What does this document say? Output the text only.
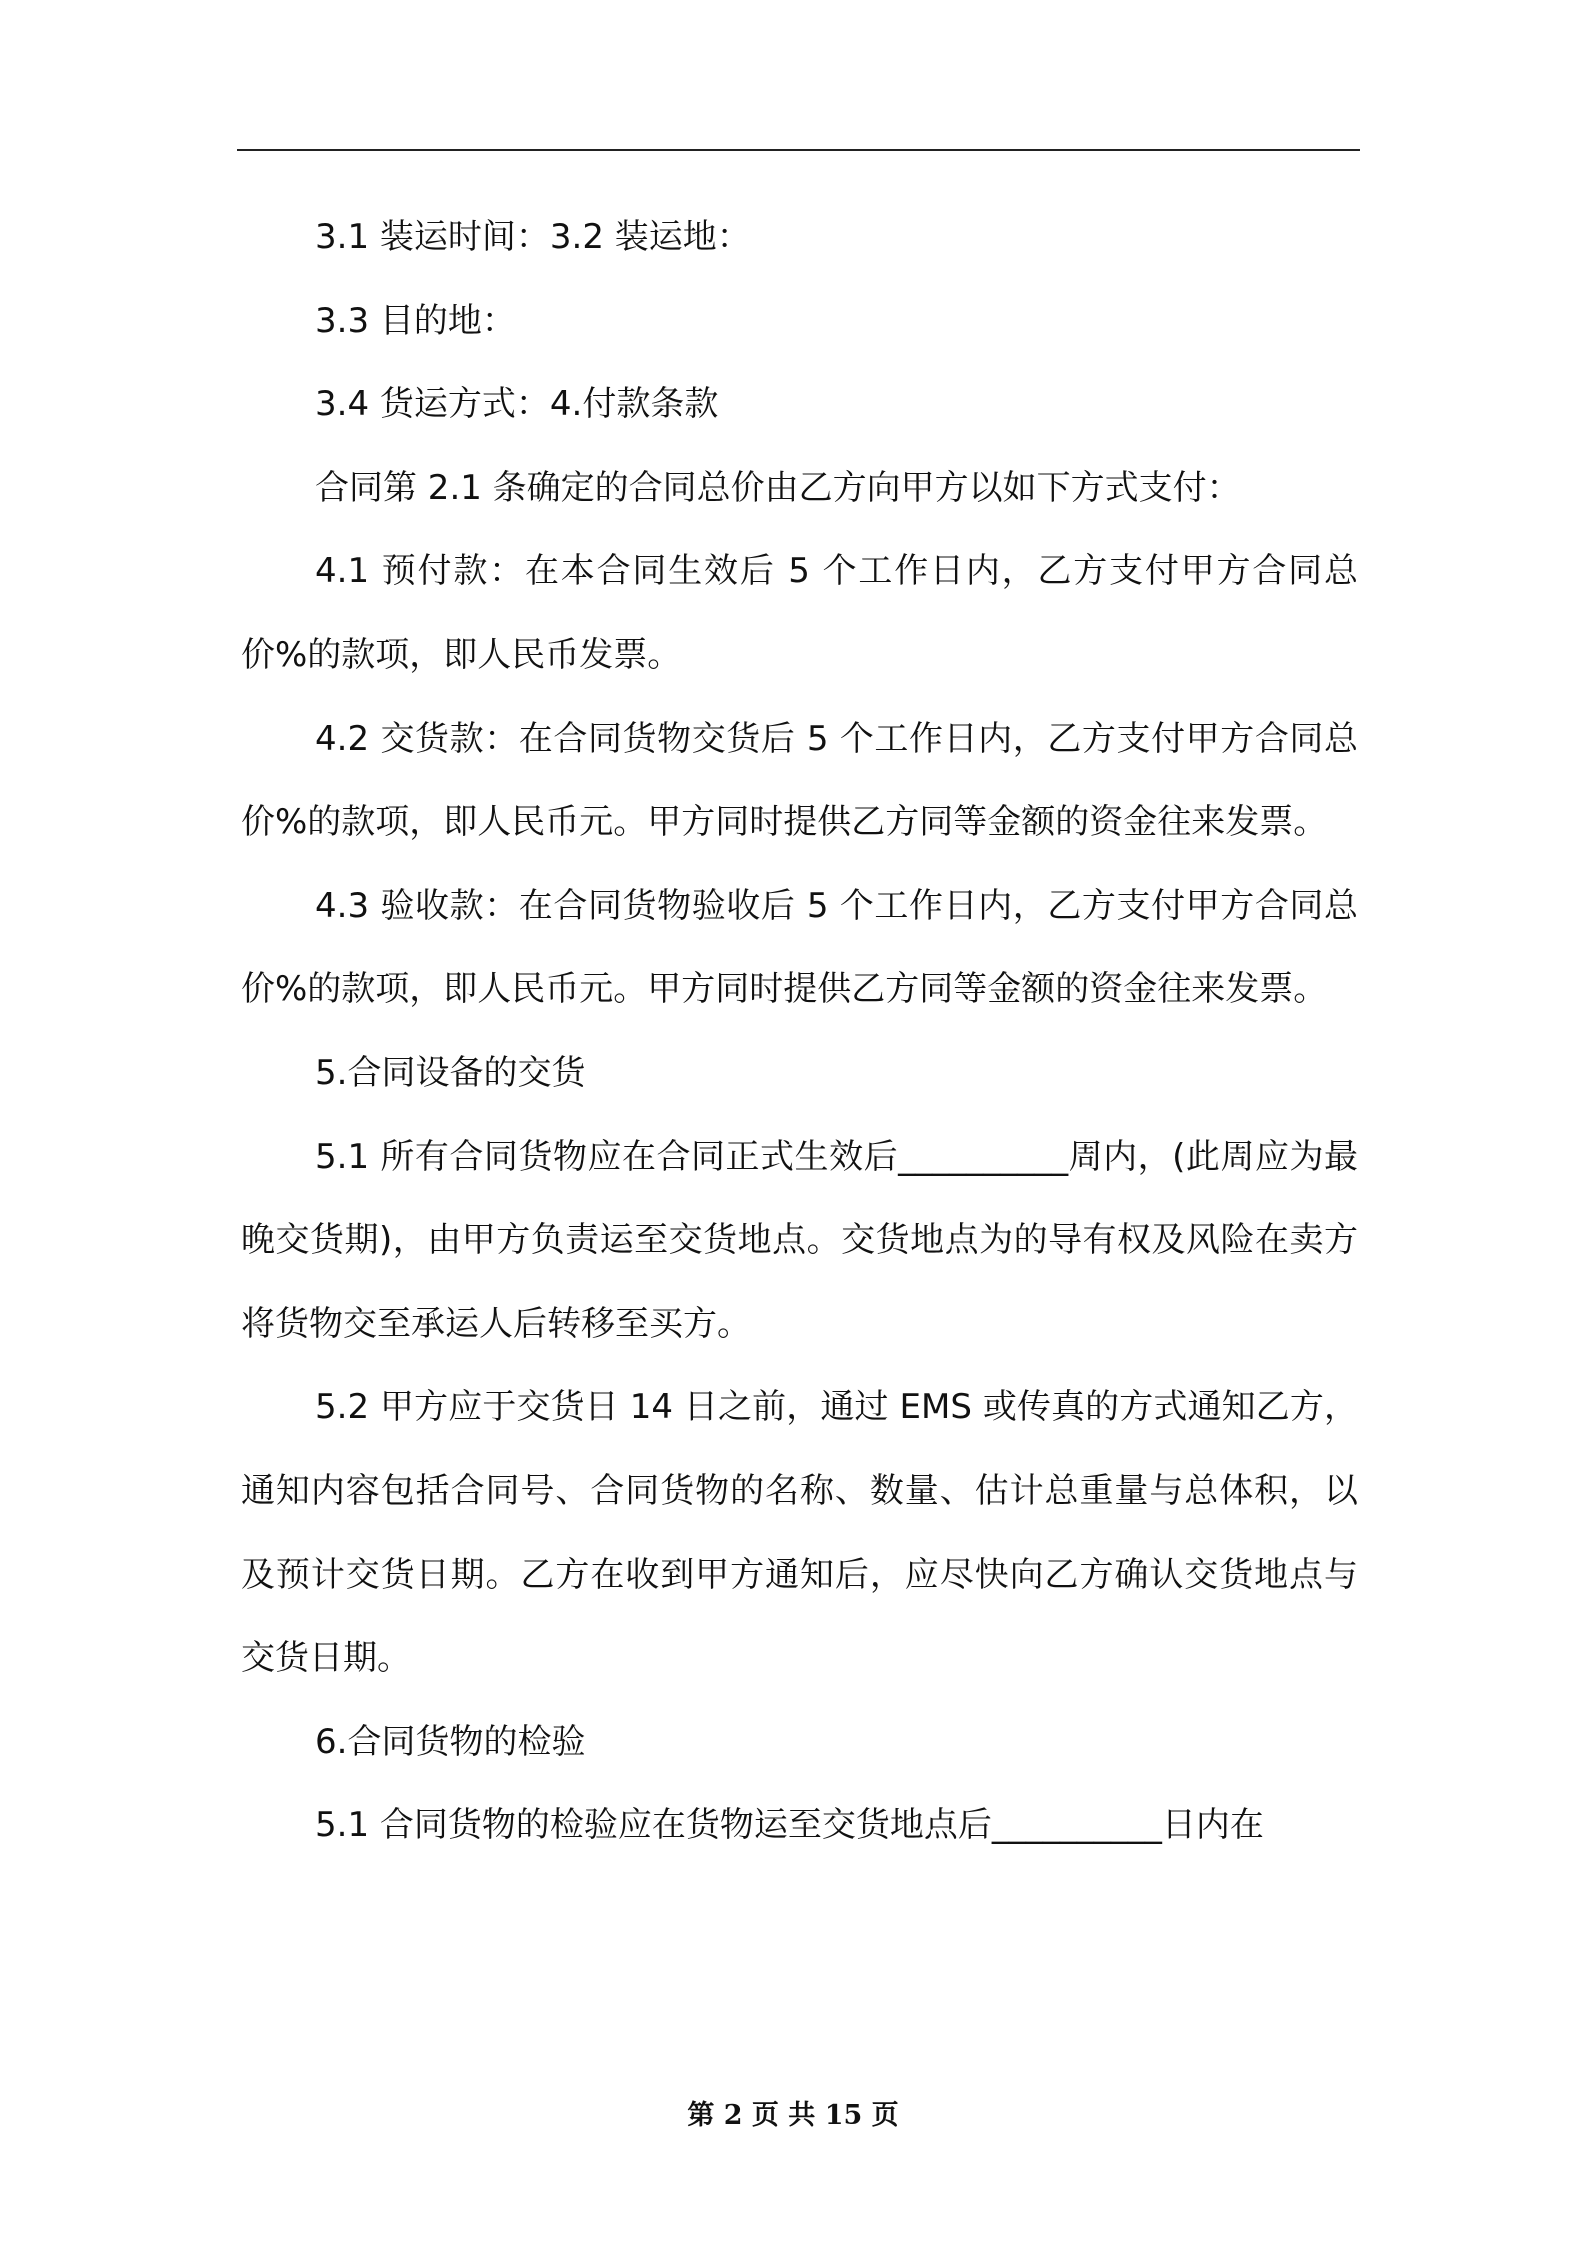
3.1 装运时间：3.2 装运地：

3.3 目的地：

3.4 货运方式：4.付款条款

合同第 2.1 条确定的合同总价由乙方向甲方以如下方式支付：

4.1 预付款：在本合同生效后 5 个工作日内，乙方支付甲方合同总价%的款项，即人民币发票。

4.2 交货款：在合同货物交货后 5 个工作日内，乙方支付甲方合同总价%的款项，即人民币元。甲方同时提供乙方同等金额的资金往来发票。

4.3 验收款：在合同货物验收后 5 个工作日内，乙方支付甲方合同总价%的款项，即人民币元。甲方同时提供乙方同等金额的资金往来发票。

5.合同设备的交货

5.1 所有合同货物应在合同正式生效后__________周内，(此周应为最晚交货期)，由甲方负责运至交货地点。交货地点为的导有权及风险在卖方将货物交至承运人后转移至买方。

5.2 甲方应于交货日 14 日之前，通过 EMS 或传真的方式通知乙方，通知内容包括合同号、合同货物的名称、数量、估计总重量与总体积，以及预计交货日期。乙方在收到甲方通知后，应尽快向乙方确认交货地点与交货日期。

6.合同货物的检验

5.1 合同货物的检验应在货物运至交货地点后__________日内在

第 2 页 共 15 页
